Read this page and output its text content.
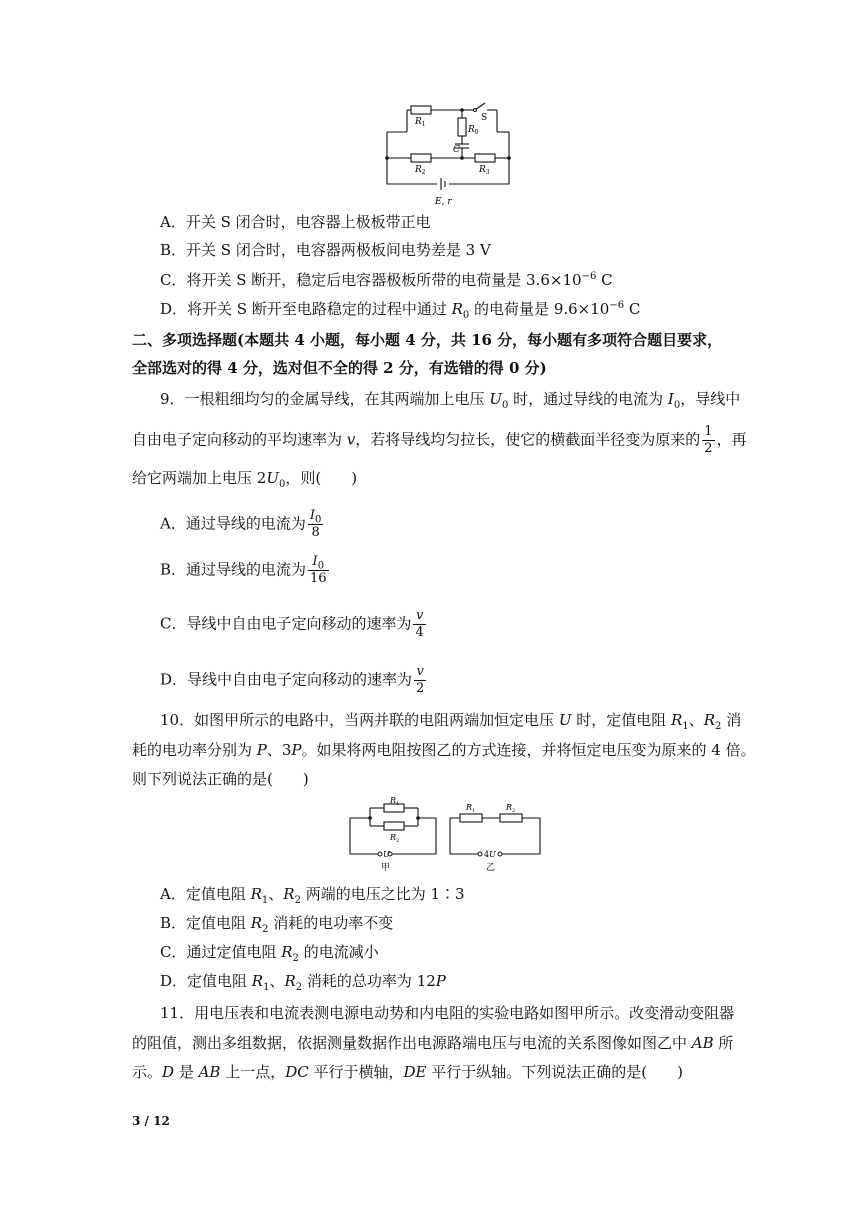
$R_1$
$R_0$
S
C
$R_2$	$R_3$
E, r
A．开关 S 闭合时，电容器上极板带正电
B．开关 S 闭合时，电容器两极板间电势差是 3 V
C．将开关 S 断开，稳定后电容器极板所带的电荷量是 $3.6\times 10^{-6}$ C
D．将开关 S 断开至电路稳定的过程中通过 $R_0$ 的电荷量是 $9.6\times 10^{-6}$ C
二、多项选择题(本题共 4 小题，每小题 4 分，共 16 分，每小题有多项符合题目要求，
全部选对的得 4 分，选对但不全的得 2 分，有选错的得 0 分)
9．一根粗细均匀的金属导线，在其两端加上电压 $U_0$ 时，通过导线的电流为 $I_0$，导线中
自由电子定向移动的平均速率为 v，若将导线均匀拉长，使它的横截面半径变为原来的 $\frac{1}{2}$ ，再
给它两端加上电压 $2U_0$，则(　　)
A．通过导线的电流为 $\frac{I_0}{8}$
B．通过导线的电流为 $\frac{I_0}{16}$
C．导线中自由电子定向移动的速率为 $\frac{v}{4}$
D．导线中自由电子定向移动的速率为 $\frac{v}{2}$
10．如图甲所示的电路中，当两并联的电阻两端加恒定电压 U 时，定值电阻 $R_1$、$R_2$ 消
耗的电功率分别为 P、3P。如果将两电阻按图乙的方式连接，并将恒定电压变为原来的 4 倍。
则下列说法正确的是(　　)
$R_1$
$R_2$
U
甲
$R_1$	$R_2$
4U
乙
A．定值电阻 $R_1$、$R_2$ 两端的电压之比为 1∶3
B．定值电阻 $R_2$ 消耗的电功率不变
C．通过定值电阻 $R_2$ 的电流减小
D．定值电阻 $R_1$、$R_2$ 消耗的总功率为 12P
11．用电压表和电流表测电源电动势和内电阻的实验电路如图甲所示。改变滑动变阻器
的阻值，测出多组数据，依据测量数据作出电源路端电压与电流的关系图像如图乙中 AB 所
示。D 是 AB 上一点，DC 平行于横轴，DE 平行于纵轴。下列说法正确的是(　　)
3 / 12
